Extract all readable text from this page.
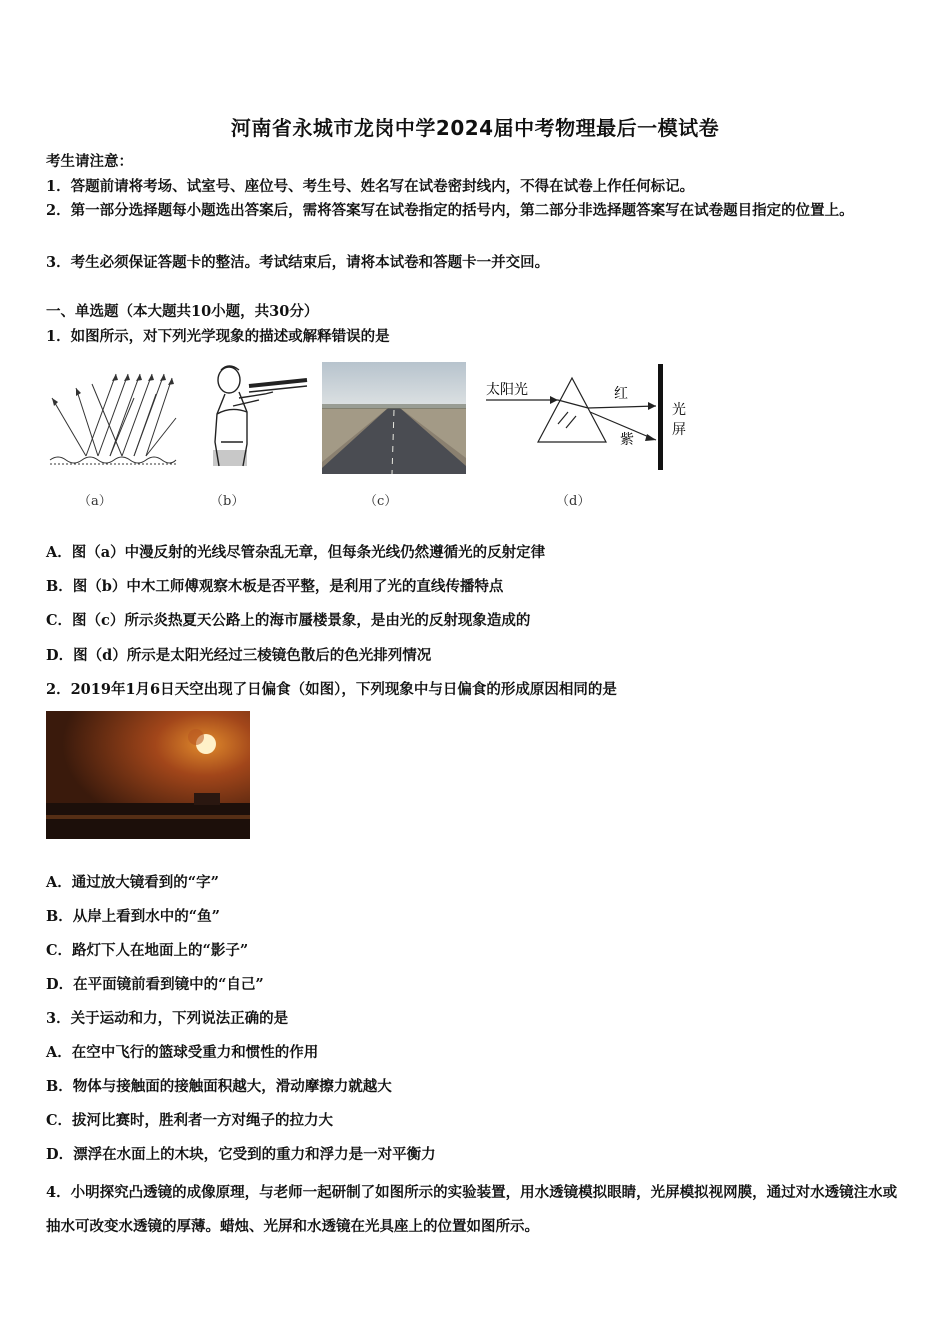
河南省永城市龙岗中学2024届中考物理最后一模试卷
考生请注意：
1．答题前请将考场、试室号、座位号、考生号、姓名写在试卷密封线内，不得在试卷上作任何标记。
2．第一部分选择题每小题选出答案后，需将答案写在试卷指定的括号内，第二部分非选择题答案写在试卷题目指定的位置上。
3．考生必须保证答题卡的整洁。考试结束后，请将本试卷和答题卡一并交回。
一、单选题（本大题共10小题，共30分）
1．如图所示，对下列光学现象的描述或解释错误的是
太阳光	红
紫
光
屏
（a）	（b）	（c）	（d）
A．图（a）中漫反射的光线尽管杂乱无章，但每条光线仍然遵循光的反射定律
B．图（b）中木工师傅观察木板是否平整，是利用了光的直线传播特点
C．图（c）所示炎热夏天公路上的海市蜃楼景象，是由光的反射现象造成的
D．图（d）所示是太阳光经过三棱镜色散后的色光排列情况
2．2019年1月6日天空出现了日偏食（如图），下列现象中与日偏食的形成原因相同的是
A．通过放大镜看到的“字”
B．从岸上看到水中的“鱼”
C．路灯下人在地面上的“影子”
D．在平面镜前看到镜中的“自己”
3．关于运动和力，下列说法正确的是
A．在空中飞行的篮球受重力和惯性的作用
B．物体与接触面的接触面积越大，滑动摩擦力就越大
C．拔河比赛时，胜利者一方对绳子的拉力大
D．漂浮在水面上的木块，它受到的重力和浮力是一对平衡力
4．小明探究凸透镜的成像原理，与老师一起研制了如图所示的实验装置，用水透镜模拟眼睛，光屏模拟视网膜，通过对水透镜注水或抽水可改变水透镜的厚薄。蜡烛、光屏和水透镜在光具座上的位置如图所示。
